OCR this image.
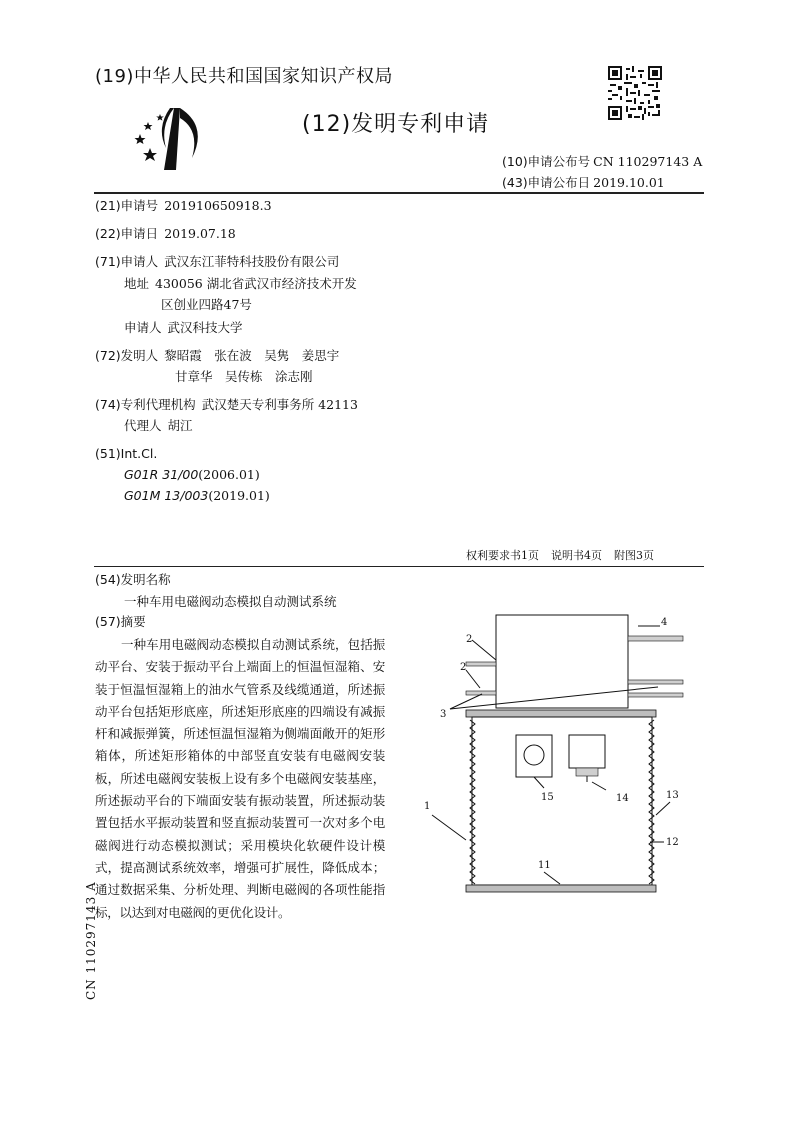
(19)中华人民共和国国家知识产权局
(12)发明专利申请
(10)申请公布号 CN 110297143 A
(43)申请公布日 2019.10.01
(21)申请号 201910650918.3
(22)申请日 2019.07.18
(71)申请人 武汉东江菲特科技股份有限公司
地址 430056 湖北省武汉市经济技术开发
区创业四路47号
申请人 武汉科技大学
(72)发明人 黎昭霞　张在波　吴隽　姜思宇
甘章华　吴传栋　涂志刚
(74)专利代理机构 武汉楚天专利事务所 42113
代理人 胡江
(51)Int.Cl.
G01R 31/00(2006.01)
G01M 13/003(2019.01)
权利要求书1页 说明书4页 附图3页
(54)发明名称
一种车用电磁阀动态模拟自动测试系统
(57)摘要
一种车用电磁阀动态模拟自动测试系统，包括振动平台、安装于振动平台上端面上的恒温恒湿箱、安装于恒温恒湿箱上的油水气管系及线缆通道，所述振动平台包括矩形底座，所述矩形底座的四端设有减振杆和减振弹簧，所述恒温恒湿箱为侧端面敞开的矩形箱体，所述矩形箱体的中部竖直安装有电磁阀安装板，所述电磁阀安装板上设有多个电磁阀安装基座，所述振动平台的下端面安装有振动装置，所述振动装置包括水平振动装置和竖直振动装置可一次对多个电磁阀进行动态模拟测试；采用模块化软硬件设计模式，提高测试系统效率，增强可扩展性，降低成本；通过数据采集、分析处理、判断电磁阀的各项性能指标，以达到对电磁阀的更优化设计。
2
2
4
3
1
15	14	13
12
11
CN 110297143 A
